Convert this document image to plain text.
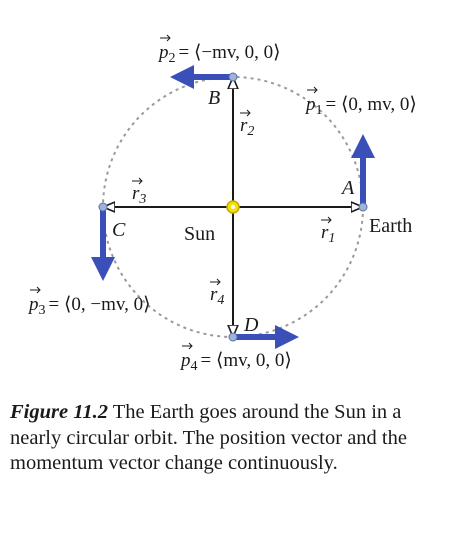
Sun	Earth
A
B
C
D
$r_1$
$r_2$
$r_3$
$r_4$
$p_1$ = ⟨0, mv, 0⟩
$p_2$ = ⟨−mv, 0, 0⟩
$p_3$ = ⟨0, −mv, 0⟩
$p_4$ = ⟨mv, 0, 0⟩
Figure 11.2 The Earth goes around the Sun in a nearly circular orbit. The position vector and the momentum vector change continuously.
